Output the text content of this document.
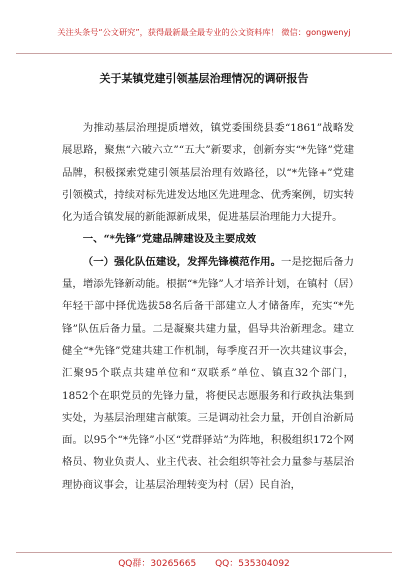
关注头条号“公文研究”，获得最新最全最专业的公文资料库！ 微信：gongwenyj
关于某镇党建引领基层治理情况的调研报告

为推动基层治理提质增效，镇党委围绕县委“1861”战略发展思路，聚焦“六破六立”“五大”新要求，创新夯实“*先锋”党建品牌，积极探索党建引领基层治理有效路径，以“*先锋+”党建引领模式，持续对标先进发达地区先进理念、优秀案例，切实转化为适合镇发展的新能源新成果，促进基层治理能力大提升。

一、“*先锋”党建品牌建设及主要成效

（一）强化队伍建设，发挥先锋模范作用。一是挖掘后备力量，增添先锋新动能。根据“*先锋”人才培养计划，在镇村（居）年轻干部中择优选拔58名后备干部建立人才储备库，充实“*先锋”队伍后备力量。二是凝聚共建力量，倡导共治新理念。建立健全“*先锋”党建共建工作机制，每季度召开一次共建议事会，汇聚95个联点共建单位和“双联系”单位、镇直32个部门，1852个在职党员的先锋力量，将便民志愿服务和行政执法集到实处，为基层治理建言献策。三是调动社会力量，开创自治新局面。以95个“*先锋”小区“党群驿站”为阵地，积极组织172个网格员、物业负责人、业主代表、社会组织等社会力量参与基层治理协商议事会，让基层治理转变为村（居）民自治，

QQ群：30265665 QQ：535304092
